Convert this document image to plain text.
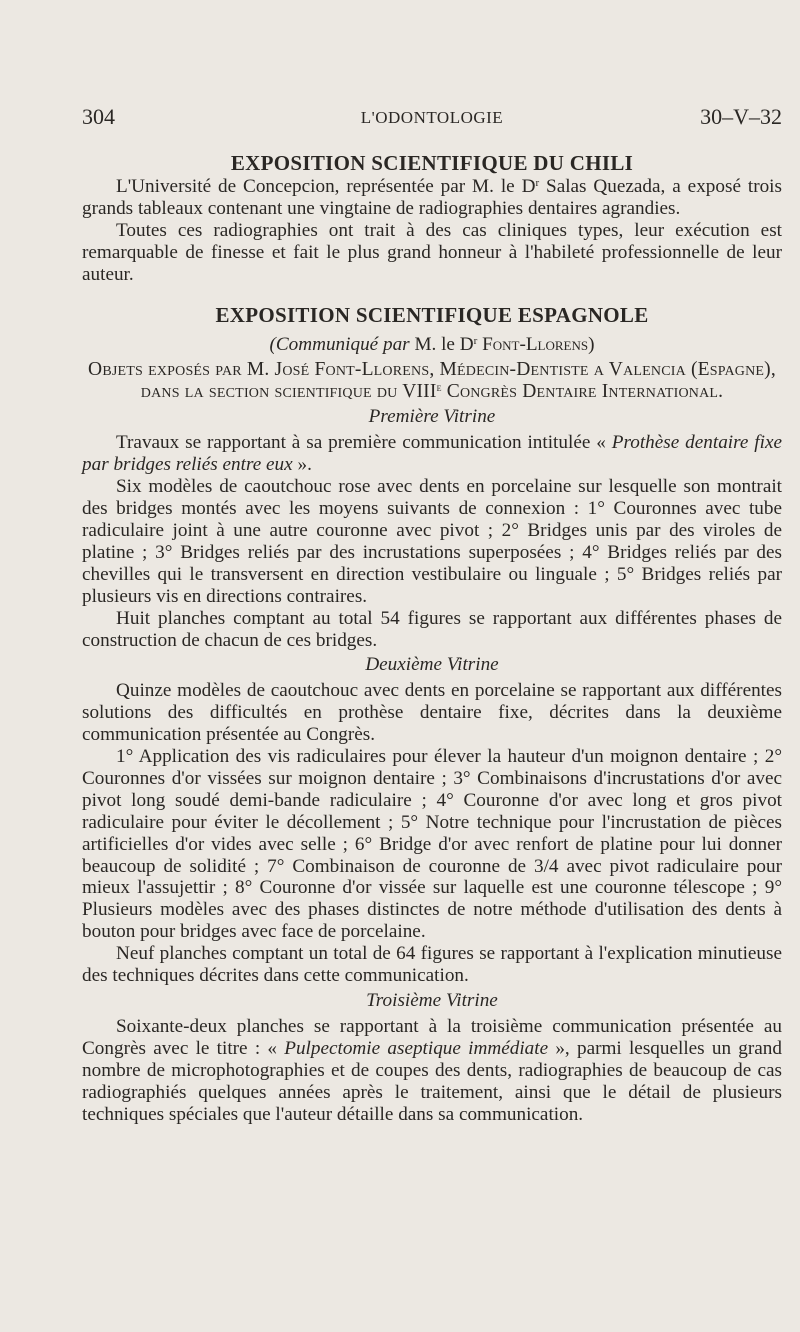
304	L'ODONTOLOGIE	30–V–32
EXPOSITION SCIENTIFIQUE DU CHILI

L'Université de Concepcion, représentée par M. le $D^r$ Salas Quezada, a exposé trois grands tableaux contenant une vingtaine de radiographies dentaires agrandies.

Toutes ces radiographies ont trait à des cas cliniques types, leur exécution est remarquable de finesse et fait le plus grand honneur à l'habileté professionnelle de leur auteur.

EXPOSITION SCIENTIFIQUE ESPAGNOLE
(Communiqué par M. le $D^r$ Font-Llorens)
Objets exposés par M. José Font-Llorens, Médecin-Dentiste a Valencia (Espagne), dans la section scientifique du VIIIe Congrès Dentaire International.
Première Vitrine

Travaux se rapportant à sa première communication intitulée « Prothèse dentaire fixe par bridges reliés entre eux ».

Six modèles de caoutchouc rose avec dents en porcelaine sur lesquelle son montrait des bridges montés avec les moyens suivants de connexion : 1° Couronnes avec tube radiculaire joint à une autre couronne avec pivot ; 2° Bridges unis par des viroles de platine ; 3° Bridges reliés par des incrustations superposées ; 4° Bridges reliés par des chevilles qui le transversent en direction vestibulaire ou linguale ; 5° Bridges reliés par plusieurs vis en directions contraires.

Huit planches comptant au total 54 figures se rapportant aux différentes phases de construction de chacun de ces bridges.

Deuxième Vitrine

Quinze modèles de caoutchouc avec dents en porcelaine se rapportant aux différentes solutions des difficultés en prothèse dentaire fixe, décrites dans la deuxième communication présentée au Congrès.

1° Application des vis radiculaires pour élever la hauteur d'un moignon dentaire ; 2° Couronnes d'or vissées sur moignon dentaire ; 3° Combinaisons d'incrustations d'or avec pivot long soudé demi-bande radiculaire ; 4° Couronne d'or avec long et gros pivot radiculaire pour éviter le décollement ; 5° Notre technique pour l'incrustation de pièces artificielles d'or vides avec selle ; 6° Bridge d'or avec renfort de platine pour lui donner beaucoup de solidité ; 7° Combinaison de couronne de 3/4 avec pivot radiculaire pour mieux l'assujettir ; 8° Couronne d'or vissée sur laquelle est une couronne télescope ; 9° Plusieurs modèles avec des phases distinctes de notre méthode d'utilisation des dents à bouton pour bridges avec face de porcelaine.

Neuf planches comptant un total de 64 figures se rapportant à l'explication minutieuse des techniques décrites dans cette communication.

Troisième Vitrine

Soixante-deux planches se rapportant à la troisième communication présentée au Congrès avec le titre : « Pulpectomie aseptique immédiate », parmi lesquelles un grand nombre de microphotographies et de coupes des dents, radiographies de beaucoup de cas radiographiés quelques années après le traitement, ainsi que le détail de plusieurs techniques spéciales que l'auteur détaille dans sa communication.
